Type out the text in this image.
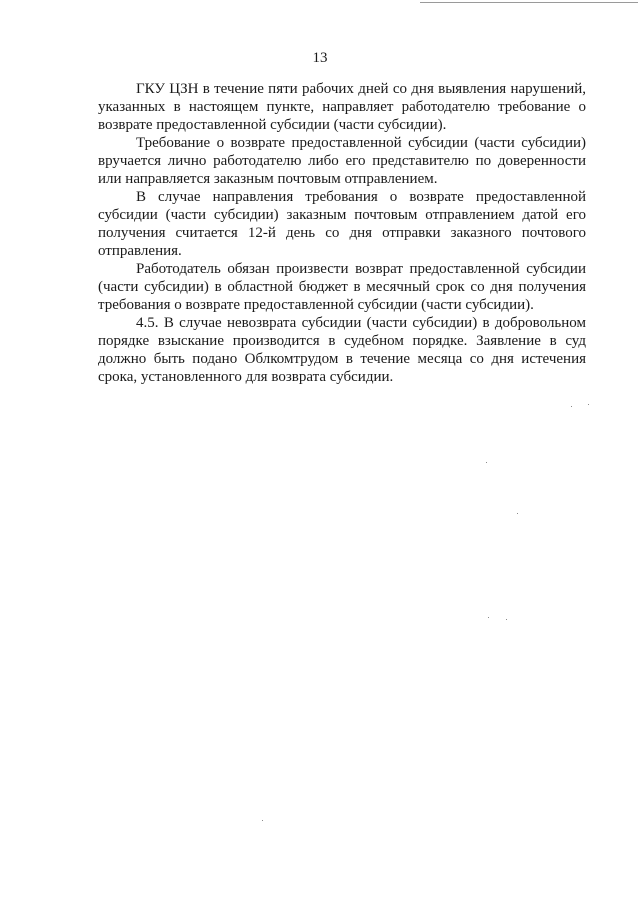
13

ГКУ ЦЗН в течение пяти рабочих дней со дня выявления нарушений, указанных в настоящем пункте, направляет работодателю требование о возврате предоставленной субсидии (части субсидии).

Требование о возврате предоставленной субсидии (части субсидии) вручается лично работодателю либо его представителю по доверенности или направляется заказным почтовым отправлением.

В случае направления требования о возврате предоставленной субсидии (части субсидии) заказным почтовым отправлением датой его получения считается 12-й день со дня отправки заказного почтового отправления.

Работодатель обязан произвести возврат предоставленной субсидии (части субсидии) в областной бюджет в месячный срок со дня получения требования о возврате предоставленной субсидии (части субсидии).

4.5. В случае невозврата субсидии (части субсидии) в добровольном порядке взыскание производится в судебном порядке. Заявление в суд должно быть подано Облкомтрудом в течение месяца со дня истечения срока, установленного для возврата субсидии.
